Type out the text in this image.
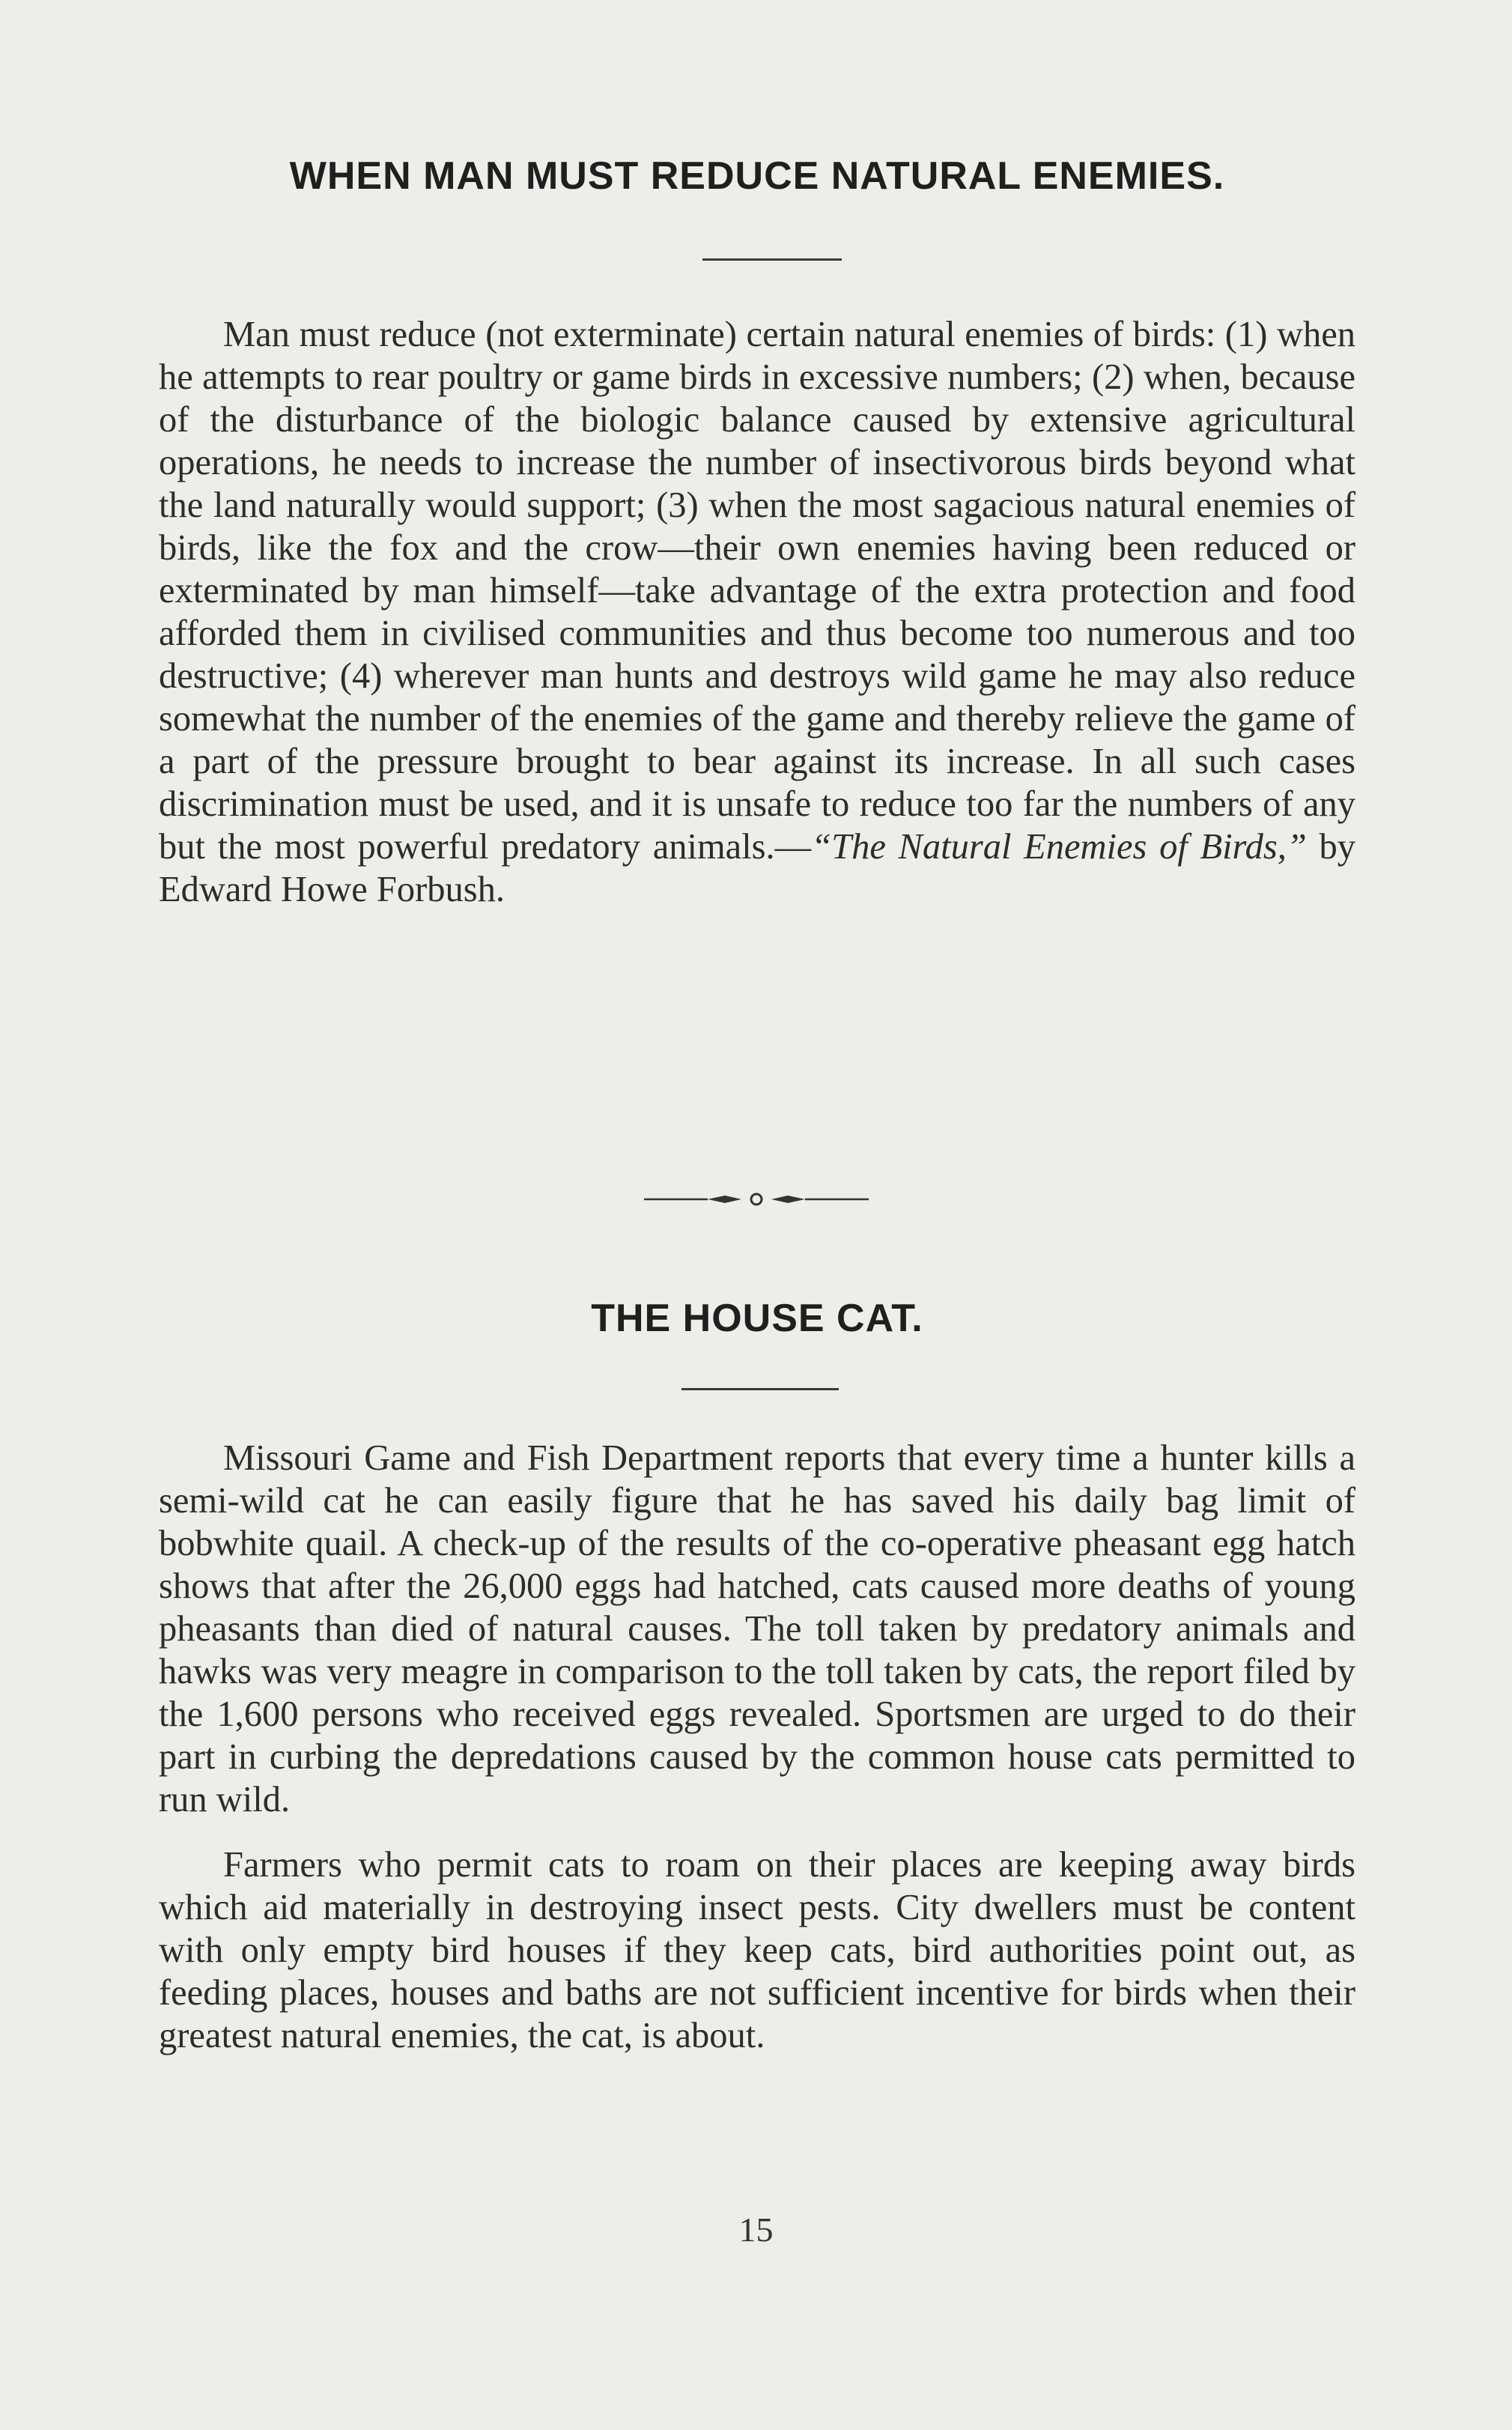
WHEN MAN MUST REDUCE NATURAL ENEMIES.

Man must reduce (not exterminate) certain natural enemies of birds: (1) when he attempts to rear poultry or game birds in excessive numbers; (2) when, because of the disturbance of the biologic balance caused by extensive agricultural operations, he needs to increase the number of insectivorous birds beyond what the land naturally would support; (3) when the most sagacious natural enemies of birds, like the fox and the crow—their own enemies having been reduced or exterminated by man himself—take advantage of the extra protection and food afforded them in civilised communities and thus become too numerous and too destructive; (4) wherever man hunts and destroys wild game he may also reduce somewhat the number of the enemies of the game and thereby relieve the game of a part of the pressure brought to bear against its increase. In all such cases discrimination must be used, and it is unsafe to reduce too far the numbers of any but the most powerful predatory animals.—“The Natural Enemies of Birds,” by Edward Howe Forbush.

THE HOUSE CAT.

Missouri Game and Fish Department reports that every time a hunter kills a semi-wild cat he can easily figure that he has saved his daily bag limit of bobwhite quail. A check-up of the results of the co-operative pheasant egg hatch shows that after the 26,000 eggs had hatched, cats caused more deaths of young pheasants than died of natural causes. The toll taken by predatory animals and hawks was very meagre in comparison to the toll taken by cats, the report filed by the 1,600 persons who received eggs revealed. Sportsmen are urged to do their part in curbing the depredations caused by the common house cats permitted to run wild.

Farmers who permit cats to roam on their places are keeping away birds which aid materially in destroying insect pests. City dwellers must be content with only empty bird houses if they keep cats, bird authorities point out, as feeding places, houses and baths are not sufficient incentive for birds when their greatest natural enemies, the cat, is about.

15
